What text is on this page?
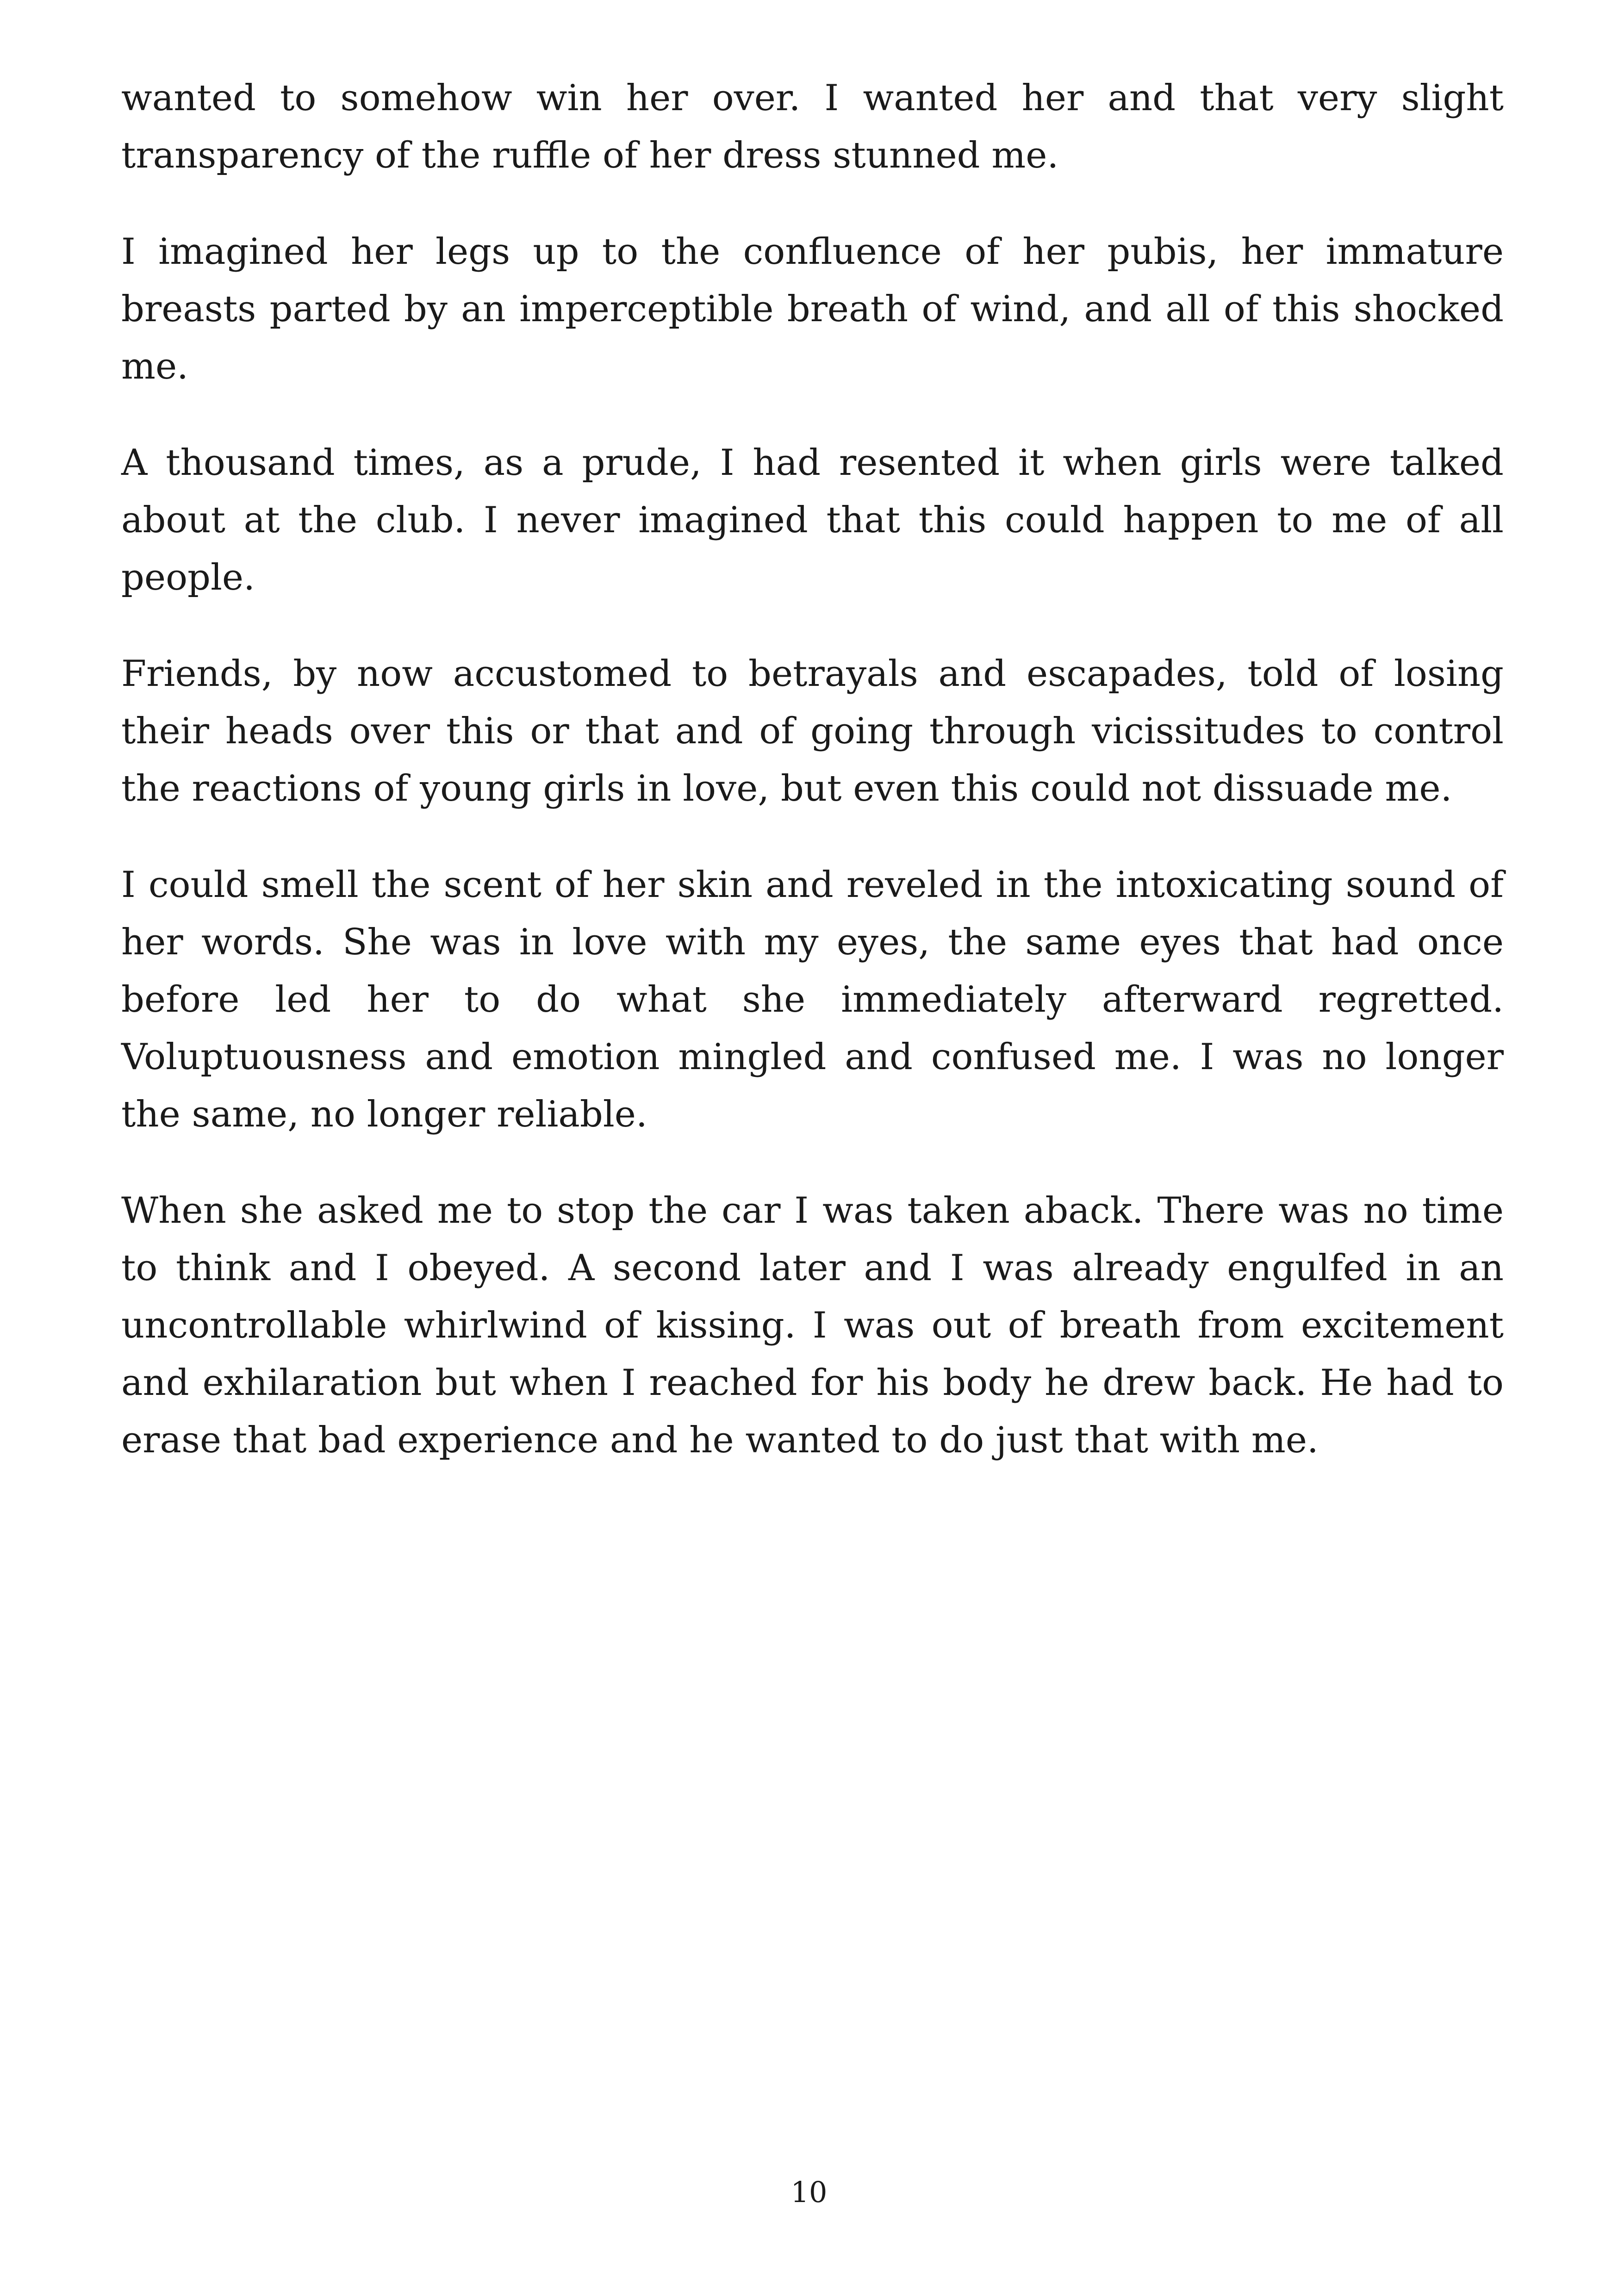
wanted to somehow win her over. I wanted her and that very slight transparency of the ruffle of her dress stunned me.

I imagined her legs up to the confluence of her pubis, her immature breasts parted by an imperceptible breath of wind, and all of this shocked me.

A thousand times, as a prude, I had resented it when girls were talked about at the club. I never imagined that this could happen to me of all people.

Friends, by now accustomed to betrayals and escapades, told of losing their heads over this or that and of going through vicissitudes to control the reactions of young girls in love, but even this could not dissuade me.

I could smell the scent of her skin and reveled in the intoxicating sound of her words. She was in love with my eyes, the same eyes that had once before led her to do what she immediately afterward regretted. Voluptuousness and emotion mingled and confused me. I was no longer the same, no longer reliable.

When she asked me to stop the car I was taken aback. There was no time to think and I obeyed. A second later and I was already engulfed in an uncontrollable whirlwind of kissing. I was out of breath from excitement and exhilaration but when I reached for his body he drew back. He had to erase that bad experience and he wanted to do just that with me.

10
